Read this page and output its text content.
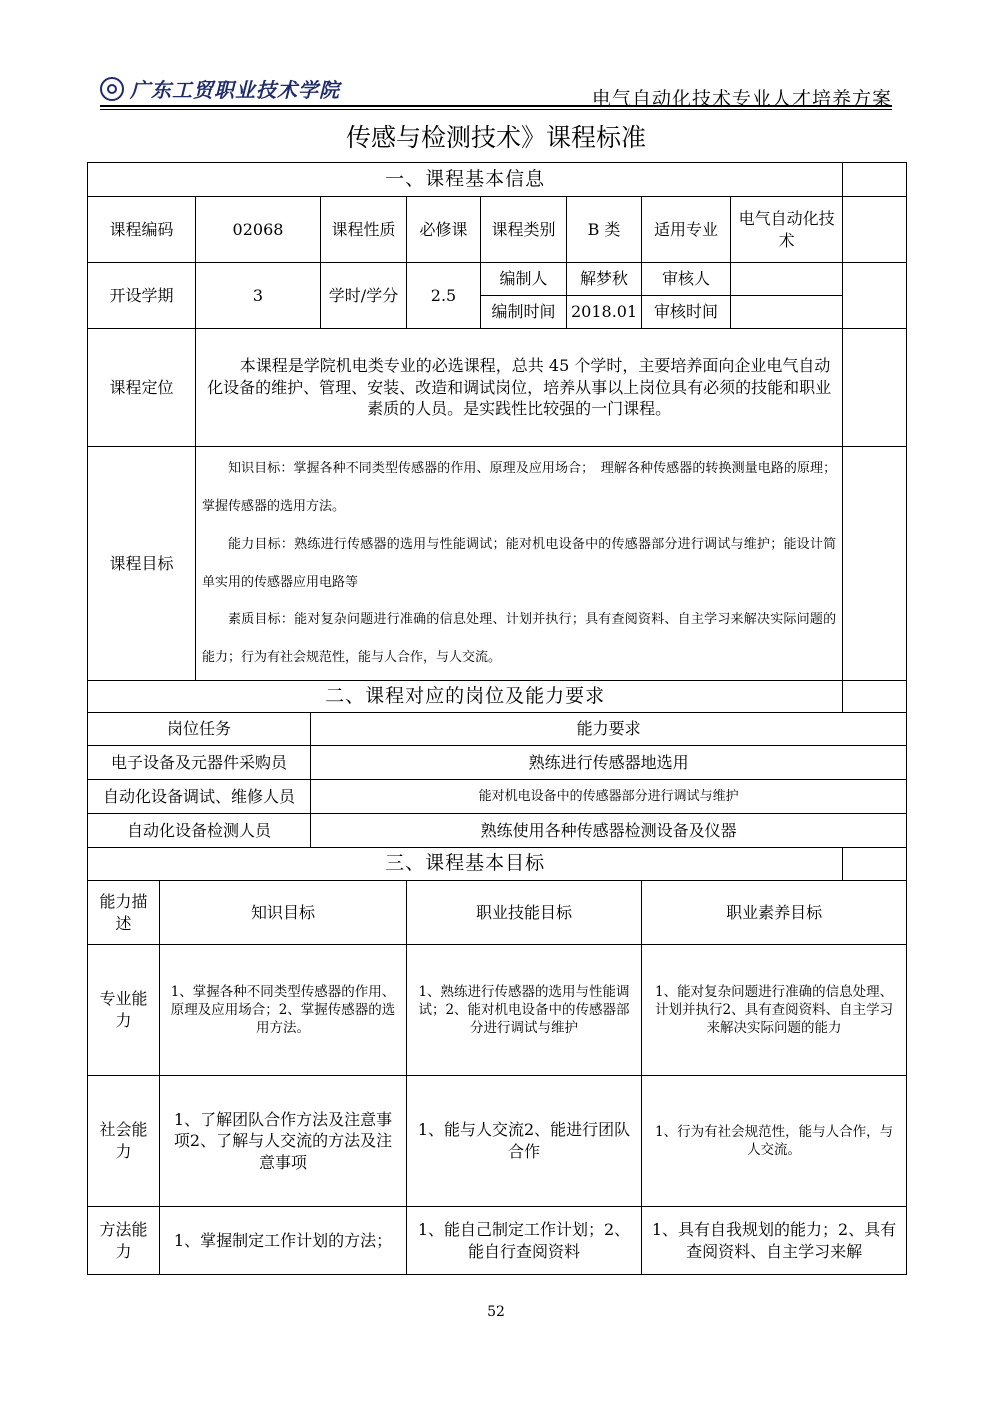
广东工贸职业技术学院	电气自动化技术专业人才培养方案
传感与检测技术》课程标准
一、课程基本信息										
课程编码		02068		课程性质	必修课	课程类别	B 类	适用专业	电气自动化技术	
开设学期		3		学时/学分	2.5	编制人	解梦秋	审核人		
						编制时间	2018.01	审核时间		
课程定位		本课程是学院机电类专业的必选课程，总共 45 个学时，主要培养面向企业电气自动化设备的维护、管理、安装、改造和调试岗位，培养从事以上岗位具有必须的技能和职业素质的人员。是实践性比较强的一门课程。								
课程目标		知识目标：掌握各种不同类型传感器的作用、原理及应用场合；　理解各种传感器的转换测量电路的原理；掌握传感器的选用方法。
能力目标：熟练进行传感器的选用与性能调试；能对机电设备中的传感器部分进行调试与维护；能设计简单实用的传感器应用电路等
素质目标：能对复杂问题进行准确的信息处理、计划并执行；具有查阅资料、自主学习来解决实际问题的能力；行为有社会规范性，能与人合作，与人交流。								

二、课程对应的岗位及能力要求										
岗位任务			能力要求							
电子设备及元器件采购员			熟练进行传感器地选用							
自动化设备调试、维修人员			能对机电设备中的传感器部分进行调试与维护							
自动化设备检测人员			熟练使用各种传感器检测设备及仪器							
三、课程基本目标										
能力描述	知识目标				职业技能目标			职业素养目标		
专业能力	1、掌握各种不同类型传感器的作用、原理及应用场合；2、掌握传感器的选用方法。				1、熟练进行传感器的选用与性能调试；2、能对机电设备中的传感器部分进行调试与维护			1、能对复杂问题进行准确的信息处理、计划并执行2、具有查阅资料、自主学习来解决实际问题的能力		
社会能力	1、了解团队合作方法及注意事项2、了解与人交流的方法及注意事项				1、能与人交流2、能进行团队合作			1、行为有社会规范性，能与人合作，与人交流。		
方法能力	1、掌握制定工作计划的方法；				1、能自己制定工作计划；2、能自行查阅资料			1、具有自我规划的能力；2、具有查阅资料、自主学习来解		
52
